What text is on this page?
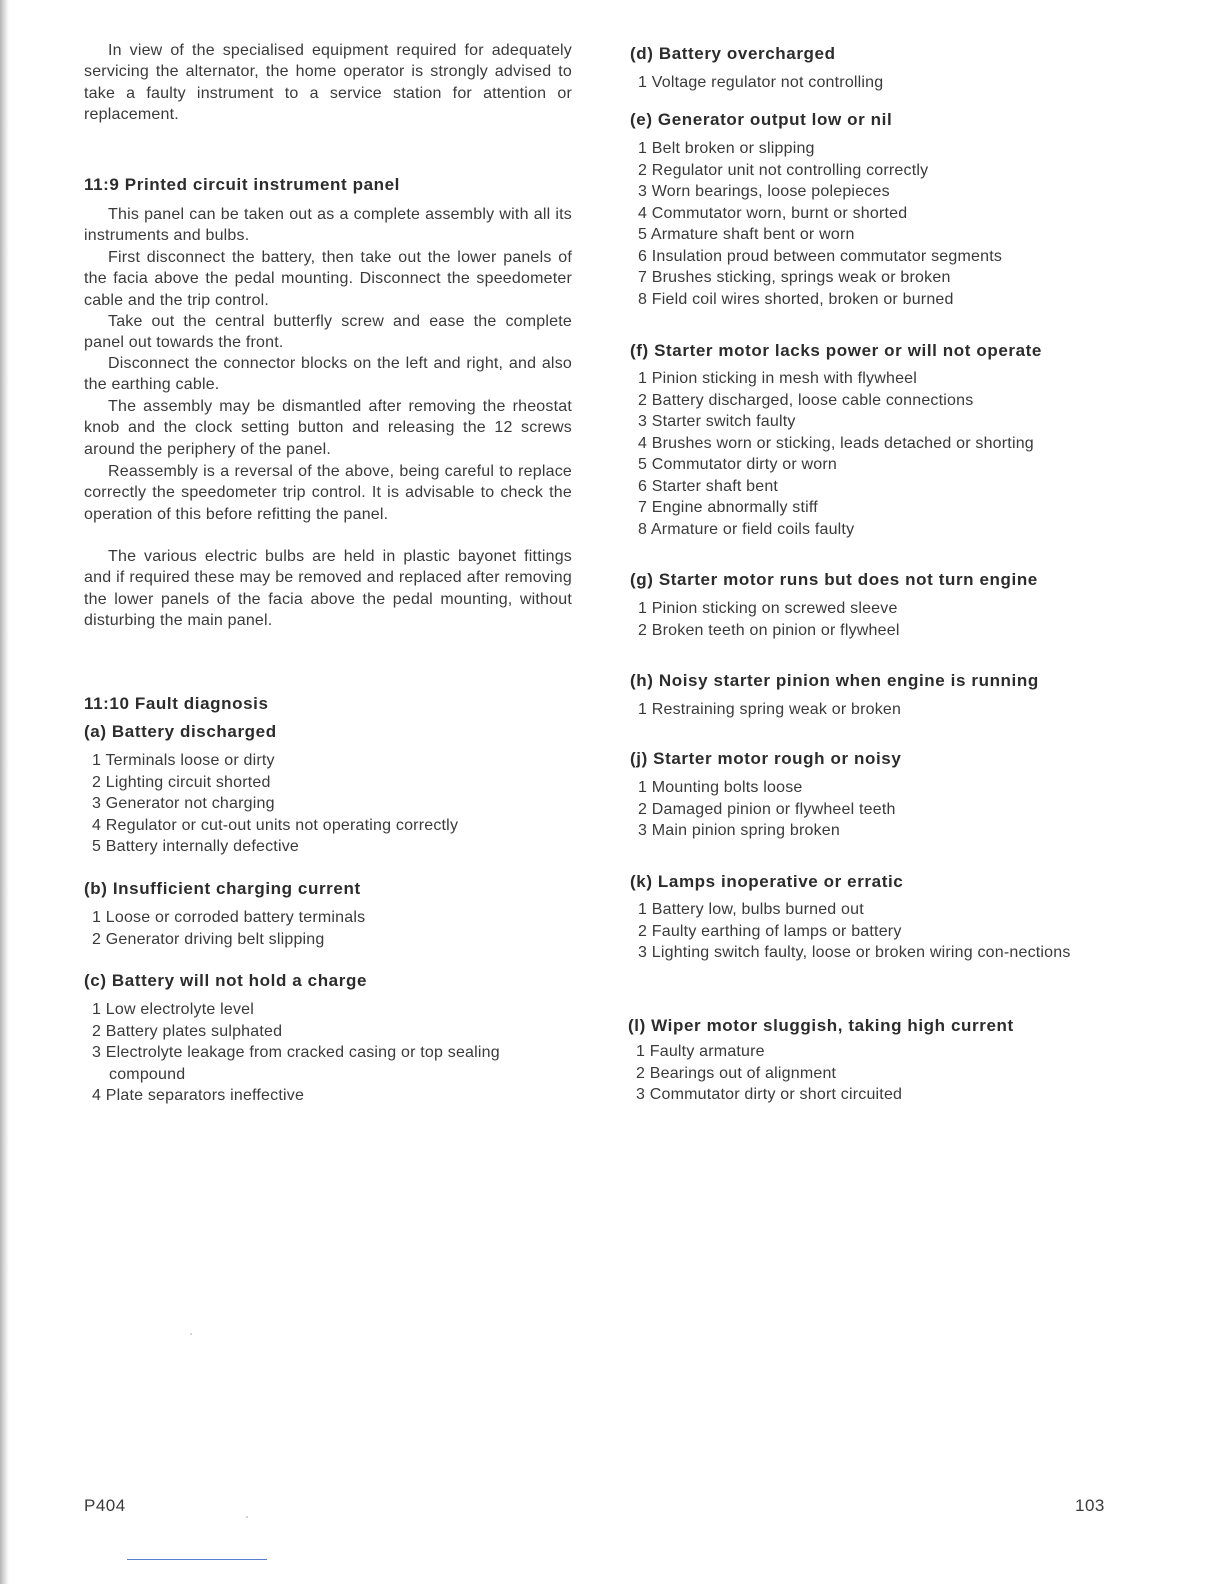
In view of the specialised equipment required for adequately servicing the alternator, the home operator is strongly advised to take a faulty instrument to a service station for attention or replacement.

11:9 Printed circuit instrument panel

This panel can be taken out as a complete assembly with all its instruments and bulbs.

First disconnect the battery, then take out the lower panels of the facia above the pedal mounting. Disconnect the speedometer cable and the trip control.

Take out the central butterfly screw and ease the complete panel out towards the front.

Disconnect the connector blocks on the left and right, and also the earthing cable.

The assembly may be dismantled after removing the rheostat knob and the clock setting button and releasing the 12 screws around the periphery of the panel.

Reassembly is a reversal of the above, being careful to replace correctly the speedometer trip control. It is advisable to check the operation of this before refitting the panel.

The various electric bulbs are held in plastic bayonet fittings and if required these may be removed and replaced after removing the lower panels of the facia above the pedal mounting, without disturbing the main panel.

11:10 Fault diagnosis
(a) Battery discharged
1 Terminals loose or dirty
2 Lighting circuit shorted
3 Generator not charging
4 Regulator or cut-out units not operating correctly
5 Battery internally defective
(b) Insufficient charging current
1 Loose or corroded battery terminals
2 Generator driving belt slipping
(c) Battery will not hold a charge
1 Low electrolyte level
2 Battery plates sulphated
3 Electrolyte leakage from cracked casing or top sealing compound
4 Plate separators ineffective
(d) Battery overcharged
1 Voltage regulator not controlling
(e) Generator output low or nil
1 Belt broken or slipping
2 Regulator unit not controlling correctly
3 Worn bearings, loose polepieces
4 Commutator worn, burnt or shorted
5 Armature shaft bent or worn
6 Insulation proud between commutator segments
7 Brushes sticking, springs weak or broken
8 Field coil wires shorted, broken or burned
(f) Starter motor lacks power or will not operate
1 Pinion sticking in mesh with flywheel
2 Battery discharged, loose cable connections
3 Starter switch faulty
4 Brushes worn or sticking, leads detached or shorting
5 Commutator dirty or worn
6 Starter shaft bent
7 Engine abnormally stiff
8 Armature or field coils faulty
(g) Starter motor runs but does not turn engine
1 Pinion sticking on screwed sleeve
2 Broken teeth on pinion or flywheel
(h) Noisy starter pinion when engine is running
1 Restraining spring weak or broken
(j) Starter motor rough or noisy
1 Mounting bolts loose
2 Damaged pinion or flywheel teeth
3 Main pinion spring broken
(k) Lamps inoperative or erratic
1 Battery low, bulbs burned out
2 Faulty earthing of lamps or battery
3 Lighting switch faulty, loose or broken wiring con-nections
(l) Wiper motor sluggish, taking high current
1 Faulty armature
2 Bearings out of alignment
3 Commutator dirty or short circuited
P404	103
